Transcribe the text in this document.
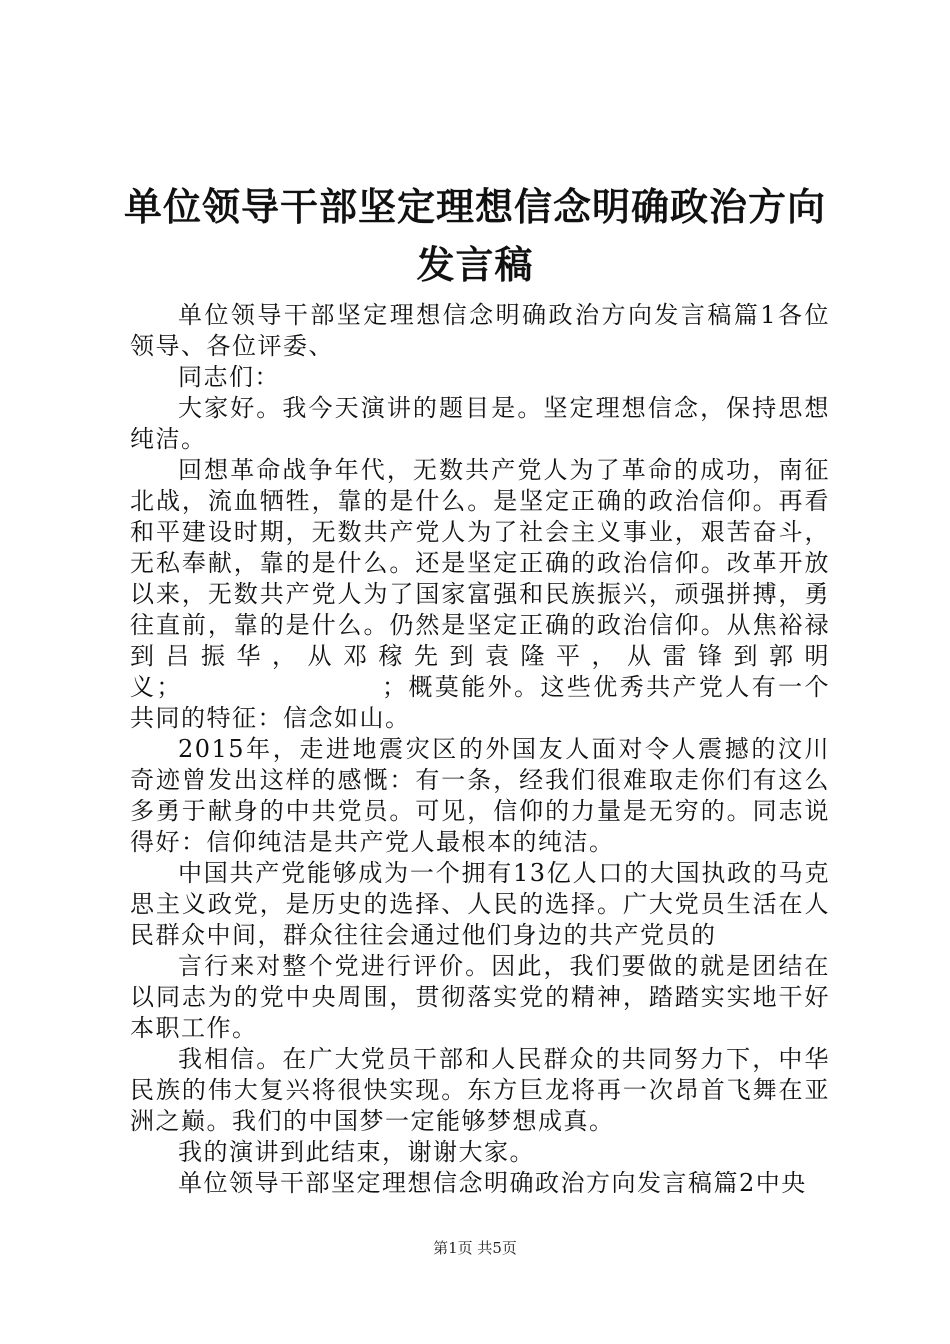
单位领导干部坚定理想信念明确政治方向发言稿

单位领导干部坚定理想信念明确政治方向发言稿篇1各位领导、各位评委、

同志们：

大家好。我今天演讲的题目是。坚定理想信念，保持思想纯洁。

回想革命战争年代，无数共产党人为了革命的成功，南征北战，流血牺牲，靠的是什么。是坚定正确的政治信仰。再看和平建设时期，无数共产党人为了社会主义事业，艰苦奋斗，无私奉献，靠的是什么。还是坚定正确的政治信仰。改革开放以来，无数共产党人为了国家富强和民族振兴，顽强拼搏，勇往直前，靠的是什么。仍然是坚定正确的政治信仰。从焦裕禄到吕振华，从邓稼先到袁隆平，从雷锋到郭明义；　　　　　　　　；概莫能外。这些优秀共产党人有一个共同的特征：信念如山。

2015年，走进地震灾区的外国友人面对令人震撼的汶川奇迹曾发出这样的感慨：有一条，经我们很难取走你们有这么多勇于献身的中共党员。可见，信仰的力量是无穷的。同志说得好：信仰纯洁是共产党人最根本的纯洁。

中国共产党能够成为一个拥有13亿人口的大国执政的马克思主义政党，是历史的选择、人民的选择。广大党员生活在人民群众中间，群众往往会通过他们身边的共产党员的

言行来对整个党进行评价。因此，我们要做的就是团结在以同志为的党中央周围，贯彻落实党的精神，踏踏实实地干好本职工作。

我相信。在广大党员干部和人民群众的共同努力下，中华民族的伟大复兴将很快实现。东方巨龙将再一次昂首飞舞在亚洲之巅。我们的中国梦一定能够梦想成真。

我的演讲到此结束，谢谢大家。

单位领导干部坚定理想信念明确政治方向发言稿篇2中央

第1页 共5页
